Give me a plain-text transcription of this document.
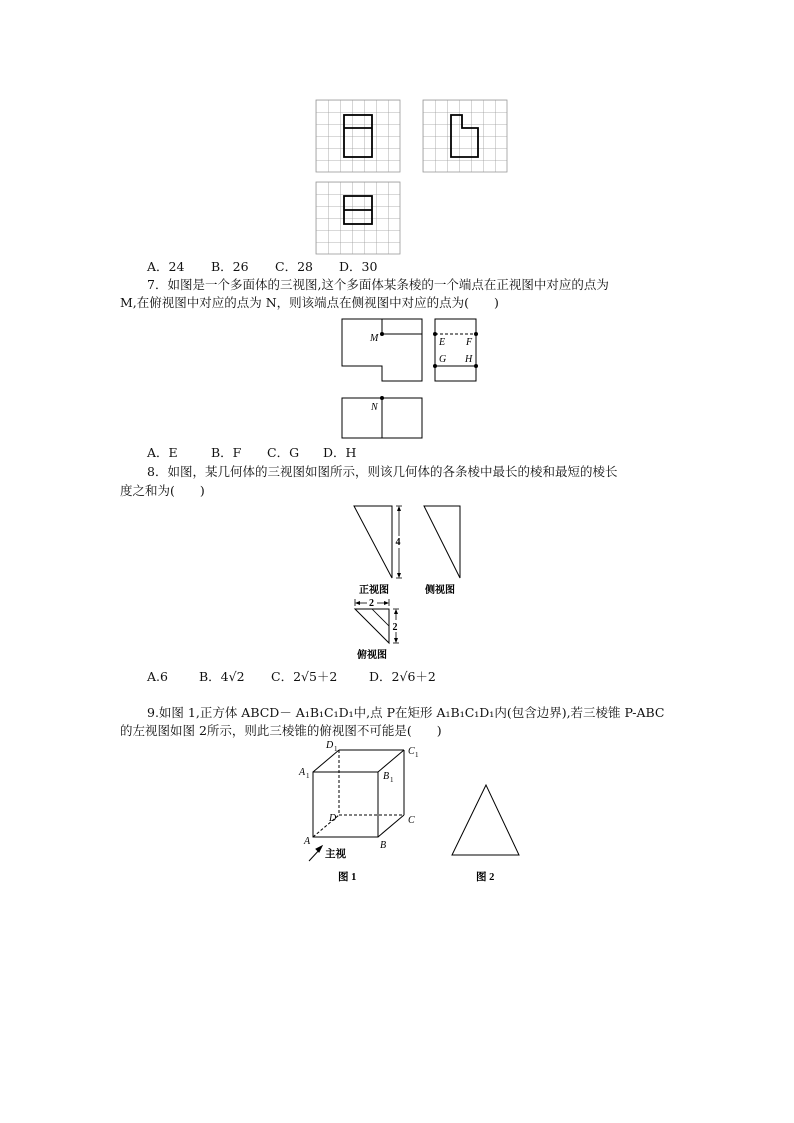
A．24 B．26 C．28 D．30
7．如图是一个多面体的三视图,这个多面体某条棱的一个端点在正视图中对应的点为
M,在俯视图中对应的点为 N，则该端点在侧视图中对应的点为(　　)
M	E F
G H
N
A．E	B．F C．G D．H
8．如图，某几何体的三视图如图所示，则该几何体的各条棱中最长的棱和最短的棱长
度之和为(　　)
4
正视图	侧视图
2
2
俯视图
A.6 B．4√2 C．2√5＋2	D．2√6＋2
9.如图 1,正方体 ABCD－ A₁B₁C₁D₁中,点 P在矩形 A₁B₁C₁D₁内(包含边界),若三棱锥 P-ABC
的左视图如图 2所示，则此三棱锥的俯视图不可能是(　　)
A 1
D 1	C 1
B 1
D	C
A	B
主视
图 1	图 2
